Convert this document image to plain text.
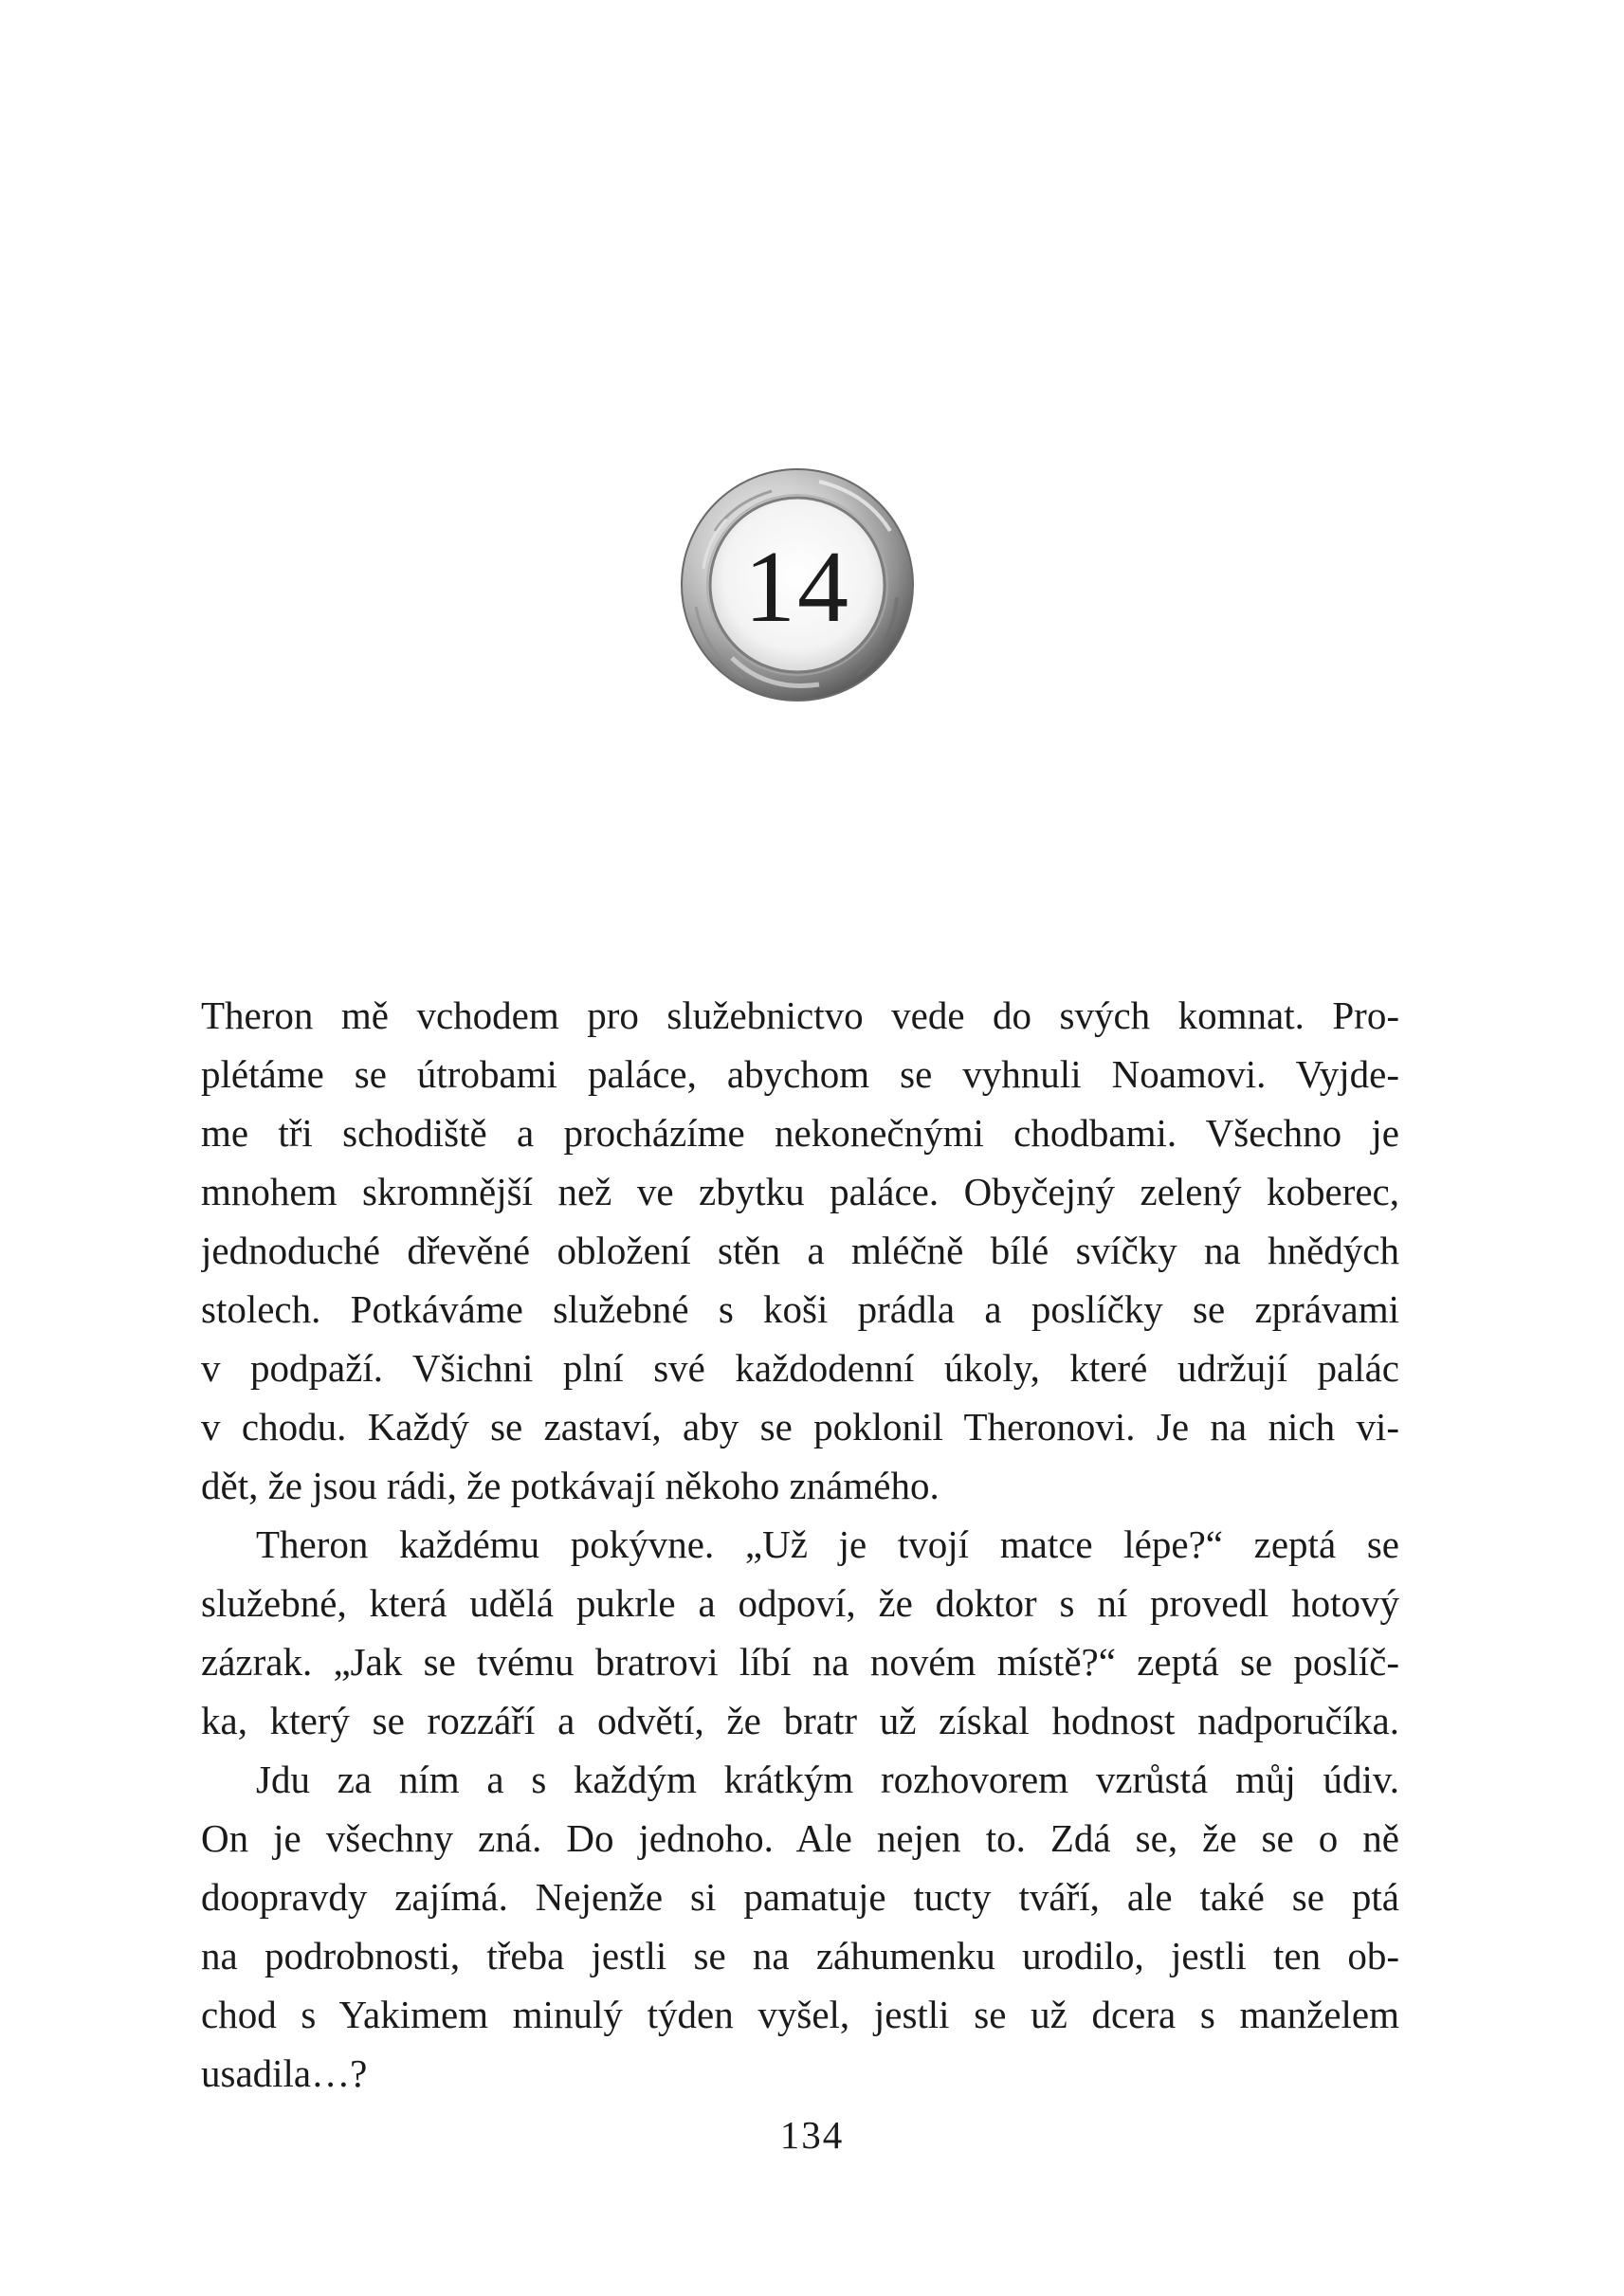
14
Theron mě vchodem pro služebnictvo vede do svých komnat. Pro-
plétáme se útrobami paláce, abychom se vyhnuli Noamovi. Vyjde-
me tři schodiště a procházíme nekonečnými chodbami. Všechno je
mnohem skromnější než ve zbytku paláce. Obyčejný zelený koberec,
jednoduché dřevěné obložení stěn a mléčně bílé svíčky na hnědých
stolech. Potkáváme služebné s koši prádla a poslíčky se zprávami
v podpaží. Všichni plní své každodenní úkoly, které udržují palác
v chodu. Každý se zastaví, aby se poklonil Theronovi. Je na nich vi-
dět, že jsou rádi, že potkávají někoho známého.
Theron každému pokývne. „Už je tvojí matce lépe?“ zeptá se
služebné, která udělá pukrle a odpoví, že doktor s ní provedl hotový
zázrak. „Jak se tvému bratrovi líbí na novém místě?“ zeptá se poslíč-
ka, který se rozzáří a odvětí, že bratr už získal hodnost nadporučíka.
Jdu za ním a s každým krátkým rozhovorem vzrůstá můj údiv.
On je všechny zná. Do jednoho. Ale nejen to. Zdá se, že se o ně
doopravdy zajímá. Nejenže si pamatuje tucty tváří, ale také se ptá
na podrobnosti, třeba jestli se na záhumenku urodilo, jestli ten ob-
chod s Yakimem minulý týden vyšel, jestli se už dcera s manželem
usadila…?
134
